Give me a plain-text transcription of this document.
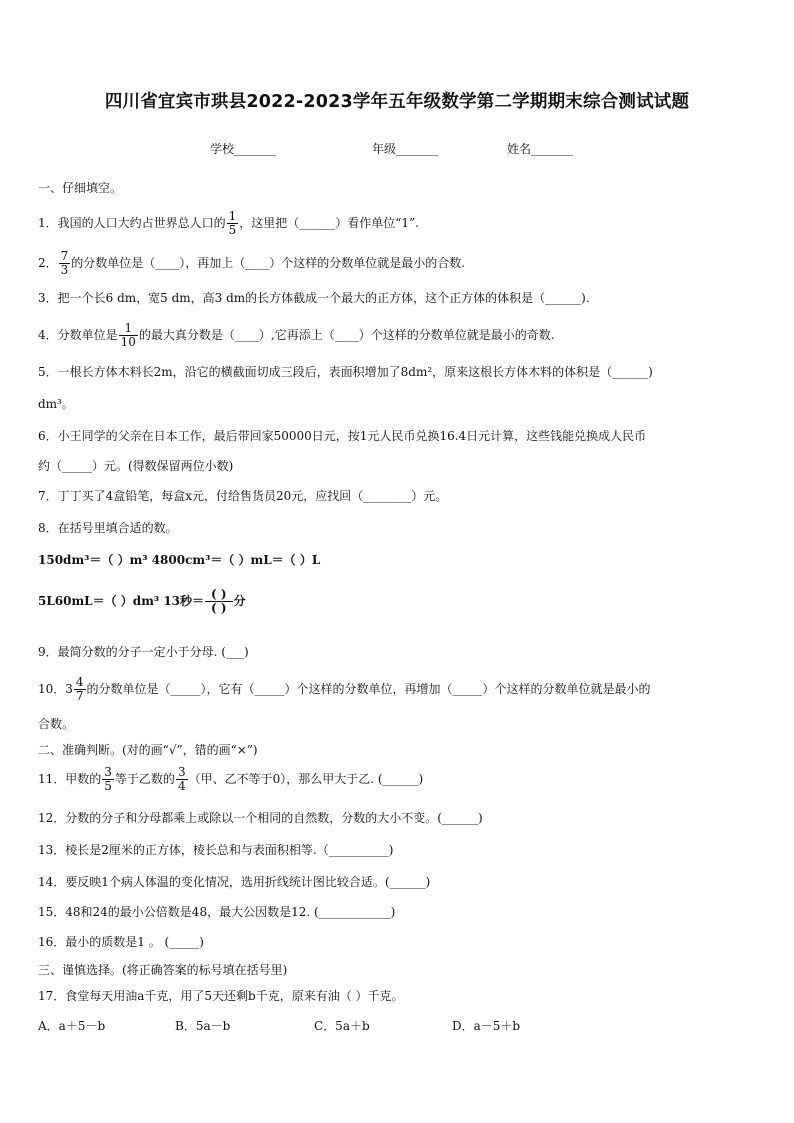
四川省宜宾市珙县2022-2023学年五年级数学第二学期期末综合测试试题
学校_______	年级_______	姓名_______
一、仔细填空。
1．我国的人口大约占世界总人口的 $\frac{1}{5}$ ，这里把（______）看作单位“1”.
2． $\frac{7}{3}$ 的分数单位是（____），再加上（____）个这样的分数单位就是最小的合数.
3．把一个长6 dm，宽5 dm，高3 dm的长方体截成一个最大的正方体，这个正方体的体积是（______).
4．分数单位是 $\frac{1}{10}$ 的最大真分数是（____）,它再添上（____）个这样的分数单位就是最小的奇数.
5．一根长方体木料长2m，沿它的横截面切成三段后，表面积增加了8dm²，原来这根长方体木料的体积是（______)
dm³。
6．小王同学的父亲在日本工作，最后带回家50000日元，按1元人民币兑换16.4日元计算，这些钱能兑换成人民币
约（_____）元。(得数保留两位小数)
7．丁丁买了4盒铅笔，每盒x元，付给售货员20元，应找回（________）元。
8．在括号里填合适的数。
150dm³＝（ ）m³ 4800cm³＝（ ）mL＝（ ）L
5L60mL＝（ ）dm³ 13秒＝ $\frac{( )}{( )}$ 分
9．最简分数的分子一定小于分母. (___)
10．$3 \frac{4}{7}$ 的分数单位是（_____），它有（_____）个这样的分数单位，再增加（_____）个这样的分数单位就是最小的
合数。
二、准确判断。(对的画“√”，错的画“×”)
11．甲数的 $\frac{3}{5}$ 等于乙数的 $\frac{3}{4}$ （甲、乙不等于0），那么甲大于乙. (______)
12．分数的分子和分母都乘上或除以一个相同的自然数，分数的大小不变。(______)
13．棱长是2厘米的正方体，棱长总和与表面积相等.（__________)
14．要反映1个病人体温的变化情况，选用折线统计图比较合适。(______)
15．48和24的最小公倍数是48，最大公因数是12. (____________)
16．最小的质数是1 。 (_____)
三、谨慎选择。(将正确答案的标号填在括号里)
17．食堂每天用油a千克，用了5天还剩b千克，原来有油（ ）千克。
A．a＋5－b	B．5a－b	C．5a＋b	D．a－5＋b
